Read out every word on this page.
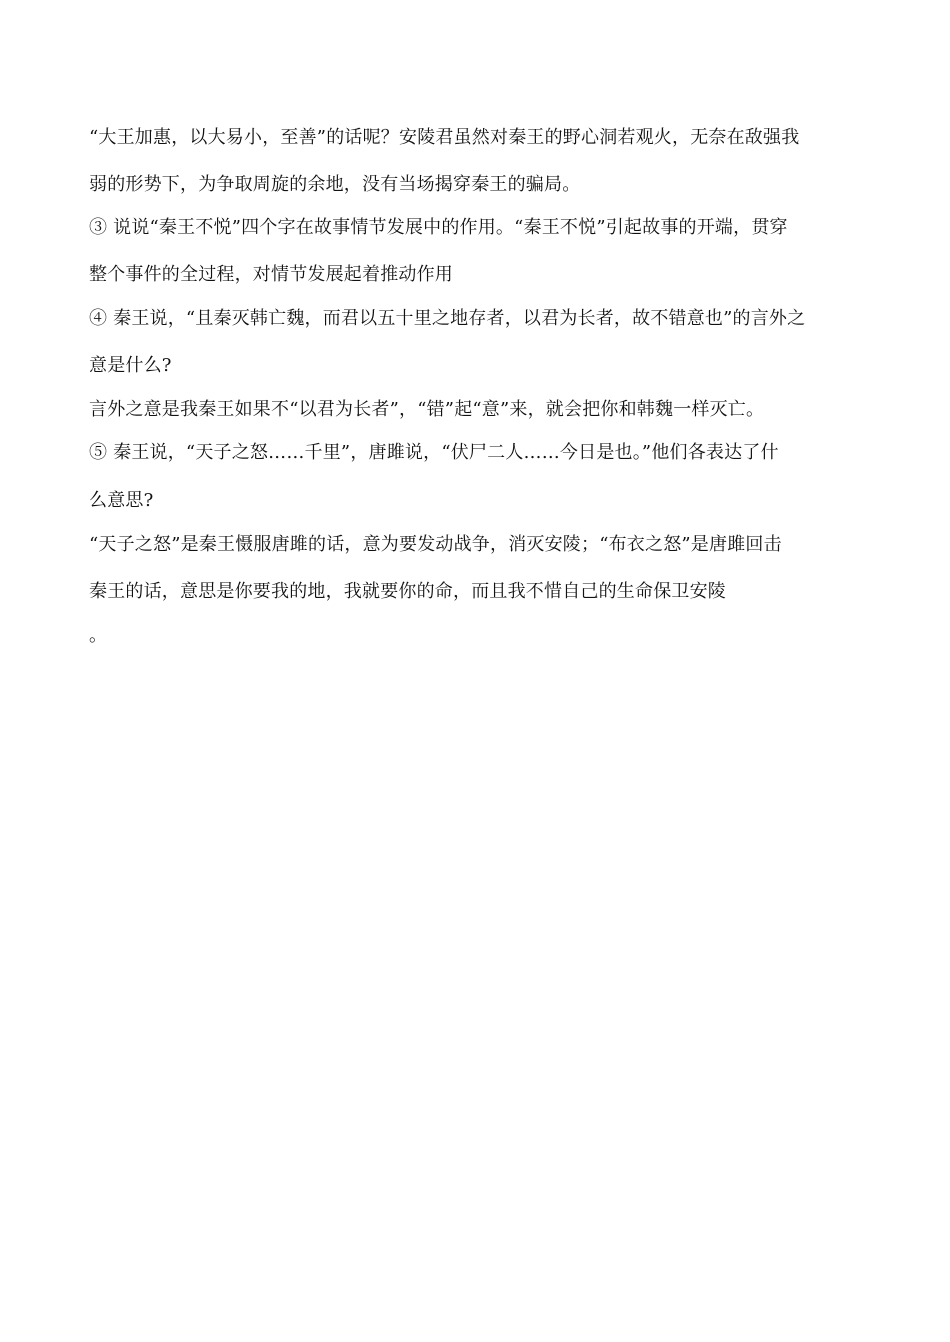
“大王加惠，以大易小，至善”的话呢？安陵君虽然对秦王的野心洞若观火，无奈在敌强我
弱的形势下，为争取周旋的余地，没有当场揭穿秦王的骗局。
③ 说说“秦王不悦”四个字在故事情节发展中的作用。“秦王不悦”引起故事的开端，贯穿
整个事件的全过程，对情节发展起着推动作用
④ 秦王说，“且秦灭韩亡魏，而君以五十里之地存者，以君为长者，故不错意也”的言外之
意是什么?
言外之意是我秦王如果不“以君为长者”，“错”起“意”来，就会把你和韩魏一样灭亡。
⑤ 秦王说，“天子之怒……千里”，唐雎说，“伏尸二人……今日是也。”他们各表达了什
么意思?
“天子之怒”是秦王慑服唐雎的话，意为要发动战争，消灭安陵；“布衣之怒”是唐雎回击
秦王的话，意思是你要我的地，我就要你的命，而且我不惜自己的生命保卫安陵
。
